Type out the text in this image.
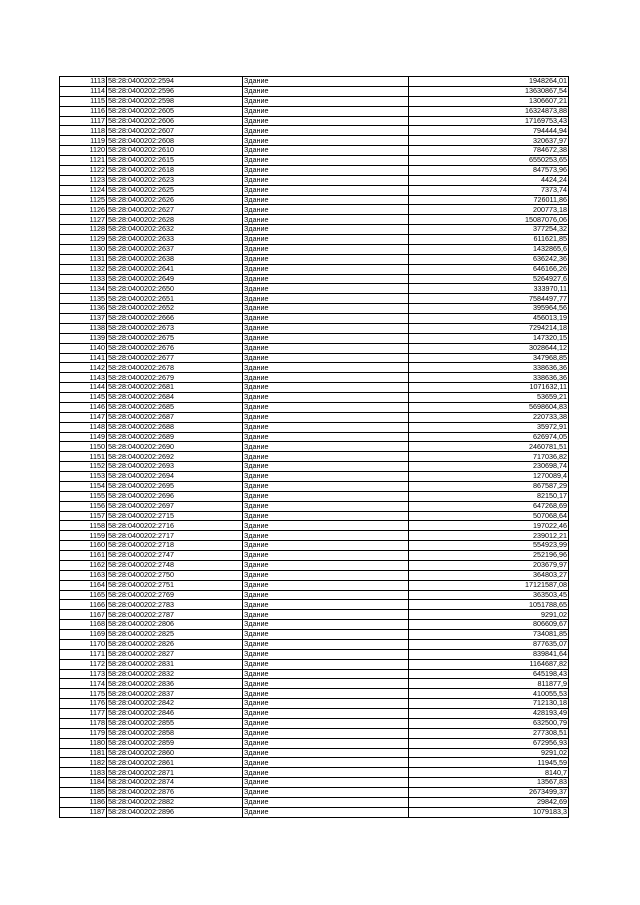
1113	58:28:0400202:2594	Здание	1948264,01
1114	58:28:0400202:2596	Здание	13630867,54
1115	58:28:0400202:2598	Здание	1306607,21
1116	58:28:0400202:2605	Здание	16324873,88
1117	58:28:0400202:2606	Здание	17169753,43
1118	58:28:0400202:2607	Здание	794444,94
1119	58:28:0400202:2608	Здание	320637,97
1120	58:28:0400202:2610	Здание	784672,38
1121	58:28:0400202:2615	Здание	6550253,65
1122	58:28:0400202:2618	Здание	847573,96
1123	58:28:0400202:2623	Здание	4424,24
1124	58:28:0400202:2625	Здание	7373,74
1125	58:28:0400202:2626	Здание	726011,86
1126	58:28:0400202:2627	Здание	200773,18
1127	58:28:0400202:2628	Здание	15087076,06
1128	58:28:0400202:2632	Здание	377254,32
1129	58:28:0400202:2633	Здание	611621,85
1130	58:28:0400202:2637	Здание	1432865,6
1131	58:28:0400202:2638	Здание	636242,36
1132	58:28:0400202:2641	Здание	646166,26
1133	58:28:0400202:2649	Здание	5264927,6
1134	58:28:0400202:2650	Здание	333970,11
1135	58:28:0400202:2651	Здание	7584497,77
1136	58:28:0400202:2652	Здание	395964,56
1137	58:28:0400202:2666	Здание	456013,19
1138	58:28:0400202:2673	Здание	7294214,18
1139	58:28:0400202:2675	Здание	147320,15
1140	58:28:0400202:2676	Здание	3028644,12
1141	58:28:0400202:2677	Здание	347968,85
1142	58:28:0400202:2678	Здание	338636,36
1143	58:28:0400202:2679	Здание	338636,36
1144	58:28:0400202:2681	Здание	1071632,11
1145	58:28:0400202:2684	Здание	53659,21
1146	58:28:0400202:2685	Здание	5698604,83
1147	58:28:0400202:2687	Здание	220733,38
1148	58:28:0400202:2688	Здание	35972,91
1149	58:28:0400202:2689	Здание	626974,05
1150	58:28:0400202:2690	Здание	2460781,51
1151	58:28:0400202:2692	Здание	717036,82
1152	58:28:0400202:2693	Здание	230698,74
1153	58:28:0400202:2694	Здание	1270089,4
1154	58:28:0400202:2695	Здание	867587,29
1155	58:28:0400202:2696	Здание	82150,17
1156	58:28:0400202:2697	Здание	647268,69
1157	58:28:0400202:2715	Здание	507068,64
1158	58:28:0400202:2716	Здание	197022,46
1159	58:28:0400202:2717	Здание	239012,21
1160	58:28:0400202:2718	Здание	554923,99
1161	58:28:0400202:2747	Здание	252196,96
1162	58:28:0400202:2748	Здание	203679,97
1163	58:28:0400202:2750	Здание	364803,27
1164	58:28:0400202:2751	Здание	17121587,08
1165	58:28:0400202:2769	Здание	363503,45
1166	58:28:0400202:2783	Здание	1051788,65
1167	58:28:0400202:2787	Здание	9291,02
1168	58:28:0400202:2806	Здание	806609,67
1169	58:28:0400202:2825	Здание	734081,85
1170	58:28:0400202:2826	Здание	877635,07
1171	58:28:0400202:2827	Здание	839841,64
1172	58:28:0400202:2831	Здание	1164687,82
1173	58:28:0400202:2832	Здание	645198,43
1174	58:28:0400202:2836	Здание	811877,9
1175	58:28:0400202:2837	Здание	410055,53
1176	58:28:0400202:2842	Здание	712130,18
1177	58:28:0400202:2846	Здание	428193,49
1178	58:28:0400202:2855	Здание	632500,79
1179	58:28:0400202:2858	Здание	277308,51
1180	58:28:0400202:2859	Здание	672956,93
1181	58:28:0400202:2860	Здание	9291,02
1182	58:28:0400202:2861	Здание	11945,59
1183	58:28:0400202:2871	Здание	8140,7
1184	58:28:0400202:2874	Здание	13567,83
1185	58:28:0400202:2876	Здание	2673499,37
1186	58:28:0400202:2882	Здание	29842,69
1187	58:28:0400202:2896	Здание	1079183,3
